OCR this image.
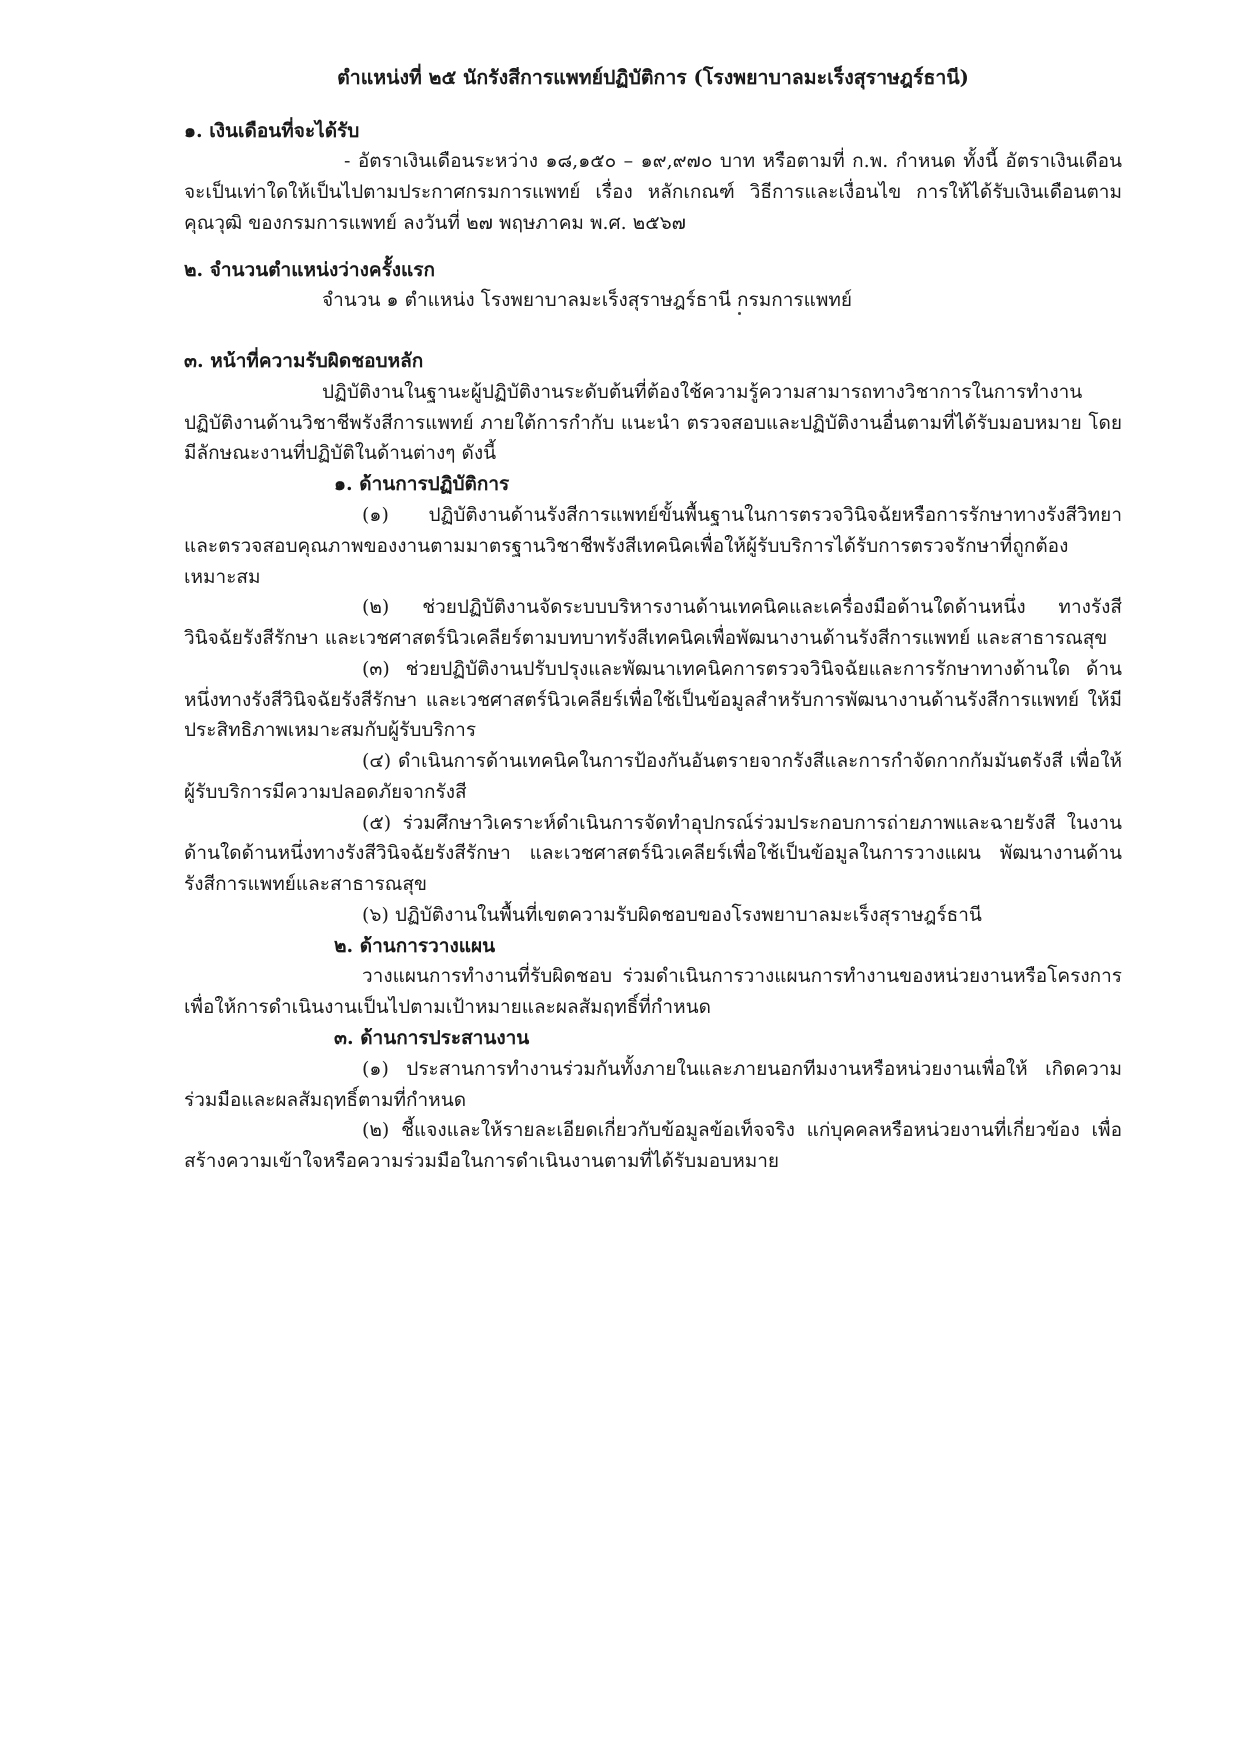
ตำแหน่งที่ ๒๕ นักรังสีการแพทย์ปฏิบัติการ (โรงพยาบาลมะเร็งสุราษฎร์ธานี)
๑. เงินเดือนที่จะได้รับ

- อัตราเงินเดือนระหว่าง ๑๘,๑๕๐ – ๑๙,๙๗๐ บาท หรือตามที่ ก.พ. กำหนด ทั้งนี้ อัตราเงินเดือน จะเป็นเท่าใดให้เป็นไปตามประกาศกรมการแพทย์ เรื่อง หลักเกณฑ์ วิธีการและเงื่อนไข การให้ได้รับเงินเดือนตามคุณวุฒิ ของกรมการแพทย์ ลงวันที่ ๒๗ พฤษภาคม พ.ศ. ๒๕๖๗

๒. จำนวนตำแหน่งว่างครั้งแรก

จำนวน ๑ ตำแหน่ง โรงพยาบาลมะเร็งสุราษฎร์ธานี กรมการแพทย์

๓. หน้าที่ความรับผิดชอบหลัก

ปฏิบัติงานในฐานะผู้ปฏิบัติงานระดับต้นที่ต้องใช้ความรู้ความสามารถทางวิชาการในการทำงาน ปฏิบัติงานด้านวิชาชีพรังสีการแพทย์ ภายใต้การกำกับ แนะนำ ตรวจสอบและปฏิบัติงานอื่นตามที่ได้รับมอบหมาย โดยมีลักษณะงานที่ปฏิบัติในด้านต่างๆ ดังนี้

๑. ด้านการปฏิบัติการ

(๑) ปฏิบัติงานด้านรังสีการแพทย์ขั้นพื้นฐานในการตรวจวินิจฉัยหรือการรักษาทางรังสีวิทยา และตรวจสอบคุณภาพของงานตามมาตรฐานวิชาชีพรังสีเทคนิคเพื่อให้ผู้รับบริการได้รับการตรวจรักษาที่ถูกต้อง เหมาะสม

(๒) ช่วยปฏิบัติงานจัดระบบบริหารงานด้านเทคนิคและเครื่องมือด้านใดด้านหนึ่ง ทางรังสีวินิจฉัยรังสีรักษา และเวชศาสตร์นิวเคลียร์ตามบทบาทรังสีเทคนิคเพื่อพัฒนางานด้านรังสีการแพทย์ และสาธารณสุข

(๓) ช่วยปฏิบัติงานปรับปรุงและพัฒนาเทคนิคการตรวจวินิจฉัยและการรักษาทางด้านใด ด้านหนึ่งทางรังสีวินิจฉัยรังสีรักษา และเวชศาสตร์นิวเคลียร์เพื่อใช้เป็นข้อมูลสำหรับการพัฒนางานด้านรังสีการแพทย์ ให้มีประสิทธิภาพเหมาะสมกับผู้รับบริการ

(๔) ดำเนินการด้านเทคนิคในการป้องกันอันตรายจากรังสีและการกำจัดกากกัมมันตรังสี เพื่อให้ผู้รับบริการมีความปลอดภัยจากรังสี

(๕) ร่วมศึกษาวิเคราะห์ดำเนินการจัดทำอุปกรณ์ร่วมประกอบการถ่ายภาพและฉายรังสี ในงานด้านใดด้านหนึ่งทางรังสีวินิจฉัยรังสีรักษา และเวชศาสตร์นิวเคลียร์เพื่อใช้เป็นข้อมูลในการวางแผน พัฒนางานด้านรังสีการแพทย์และสาธารณสุข

(๖) ปฏิบัติงานในพื้นที่เขตความรับผิดชอบของโรงพยาบาลมะเร็งสุราษฎร์ธานี

๒. ด้านการวางแผน

วางแผนการทำงานที่รับผิดชอบ ร่วมดำเนินการวางแผนการทำงานของหน่วยงานหรือโครงการ เพื่อให้การดำเนินงานเป็นไปตามเป้าหมายและผลสัมฤทธิ์ที่กำหนด

๓. ด้านการประสานงาน

(๑) ประสานการทำงานร่วมกันทั้งภายในและภายนอกทีมงานหรือหน่วยงานเพื่อให้ เกิดความร่วมมือและผลสัมฤทธิ์ตามที่กำหนด

(๒) ชี้แจงและให้รายละเอียดเกี่ยวกับข้อมูลข้อเท็จจริง แก่บุคคลหรือหน่วยงานที่เกี่ยวข้อง เพื่อสร้างความเข้าใจหรือความร่วมมือในการดำเนินงานตามที่ได้รับมอบหมาย
